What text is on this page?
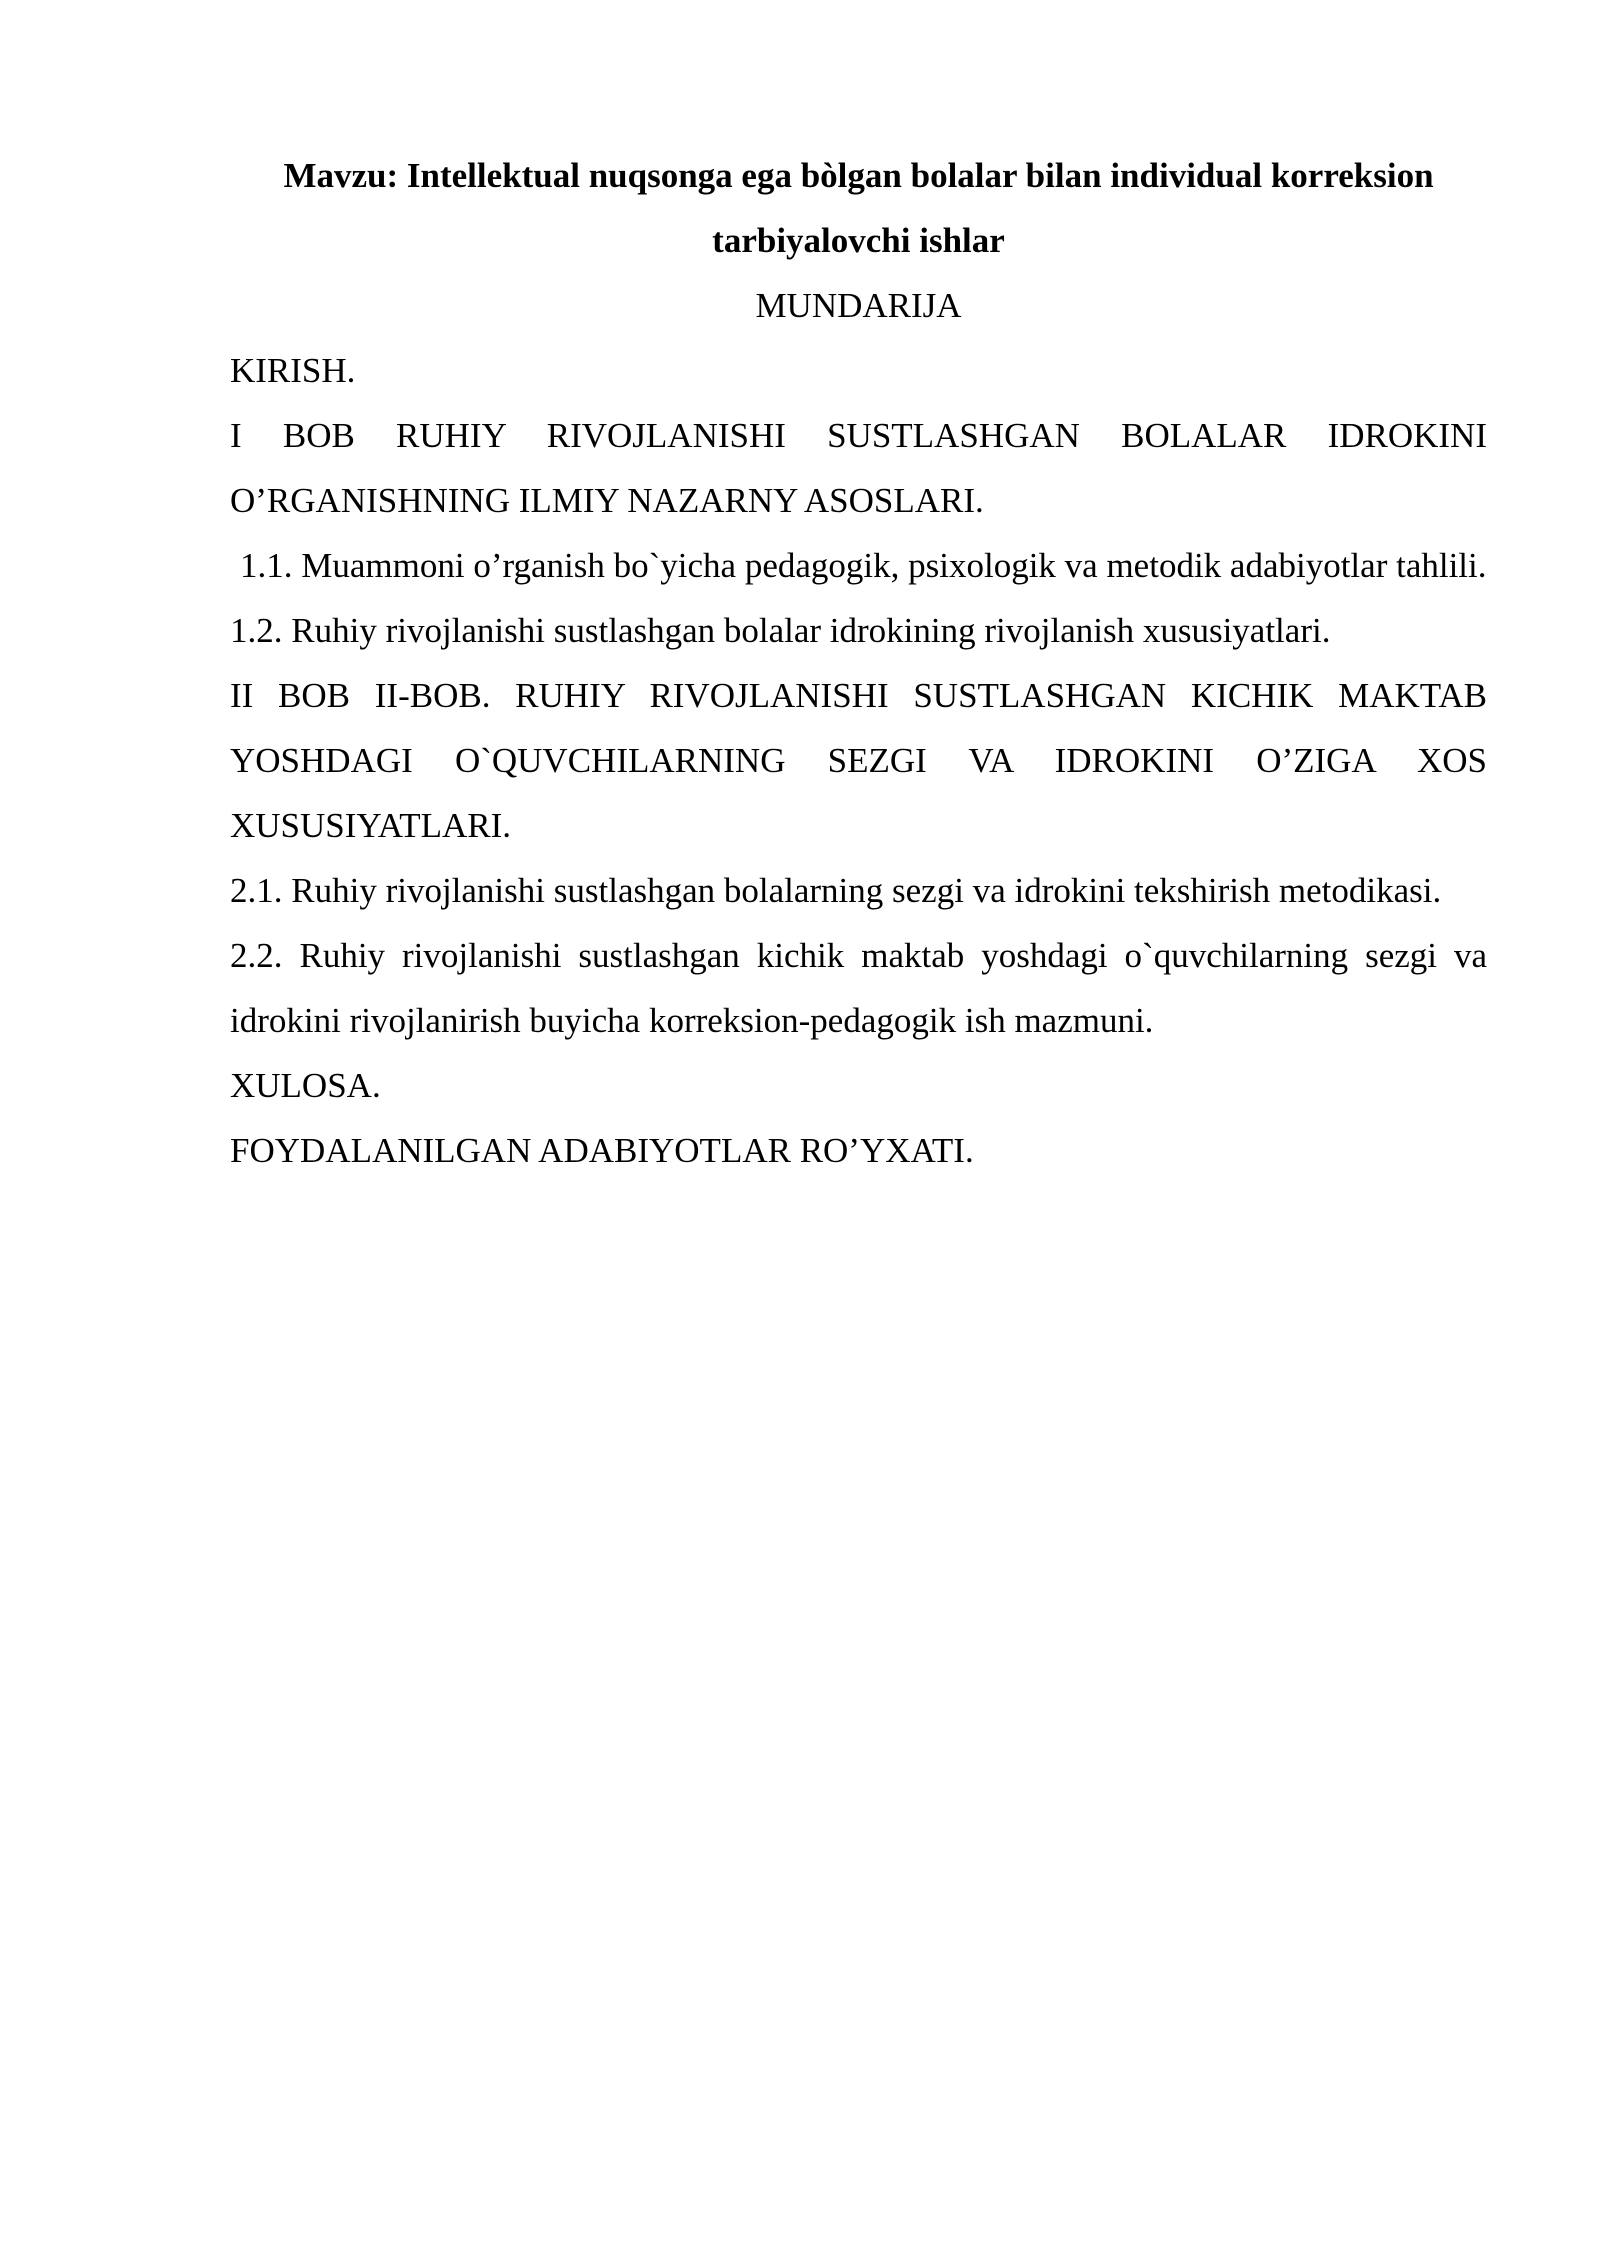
Mavzu: Intellektual nuqsonga ega bòlgan bolalar bilan individual korreksion tarbiyalovchi ishlar

MUNDARIJA

KIRISH.

I BOB RUHIY RIVOJLANISHI SUSTLASHGAN BOLALAR IDROKINI O’RGANISHNING ILMIY NAZARNY ASOSLARI.

1.1. Muammoni o’rganish bo`yicha pedagogik, psixologik va metodik adabiyotlar tahlili.

1.2. Ruhiy rivojlanishi sustlashgan bolalar idrokining rivojlanish xususiyatlari.

II BOB II-BOB. RUHIY RIVOJLANISHI SUSTLASHGAN KICHIK MAKTAB YOSHDAGI O`QUVCHILARNING SEZGI VA IDROKINI O’ZIGA XOS XUSUSIYATLARI.

2.1. Ruhiy rivojlanishi sustlashgan bolalarning sezgi va idrokini tekshirish metodikasi.

2.2. Ruhiy rivojlanishi sustlashgan kichik maktab yoshdagi o`quvchilarning sezgi va idrokini rivojlanirish buyicha korreksion-pedagogik ish mazmuni.

XULOSA.

FOYDALANILGAN ADABIYOTLAR RO’YXATI.
